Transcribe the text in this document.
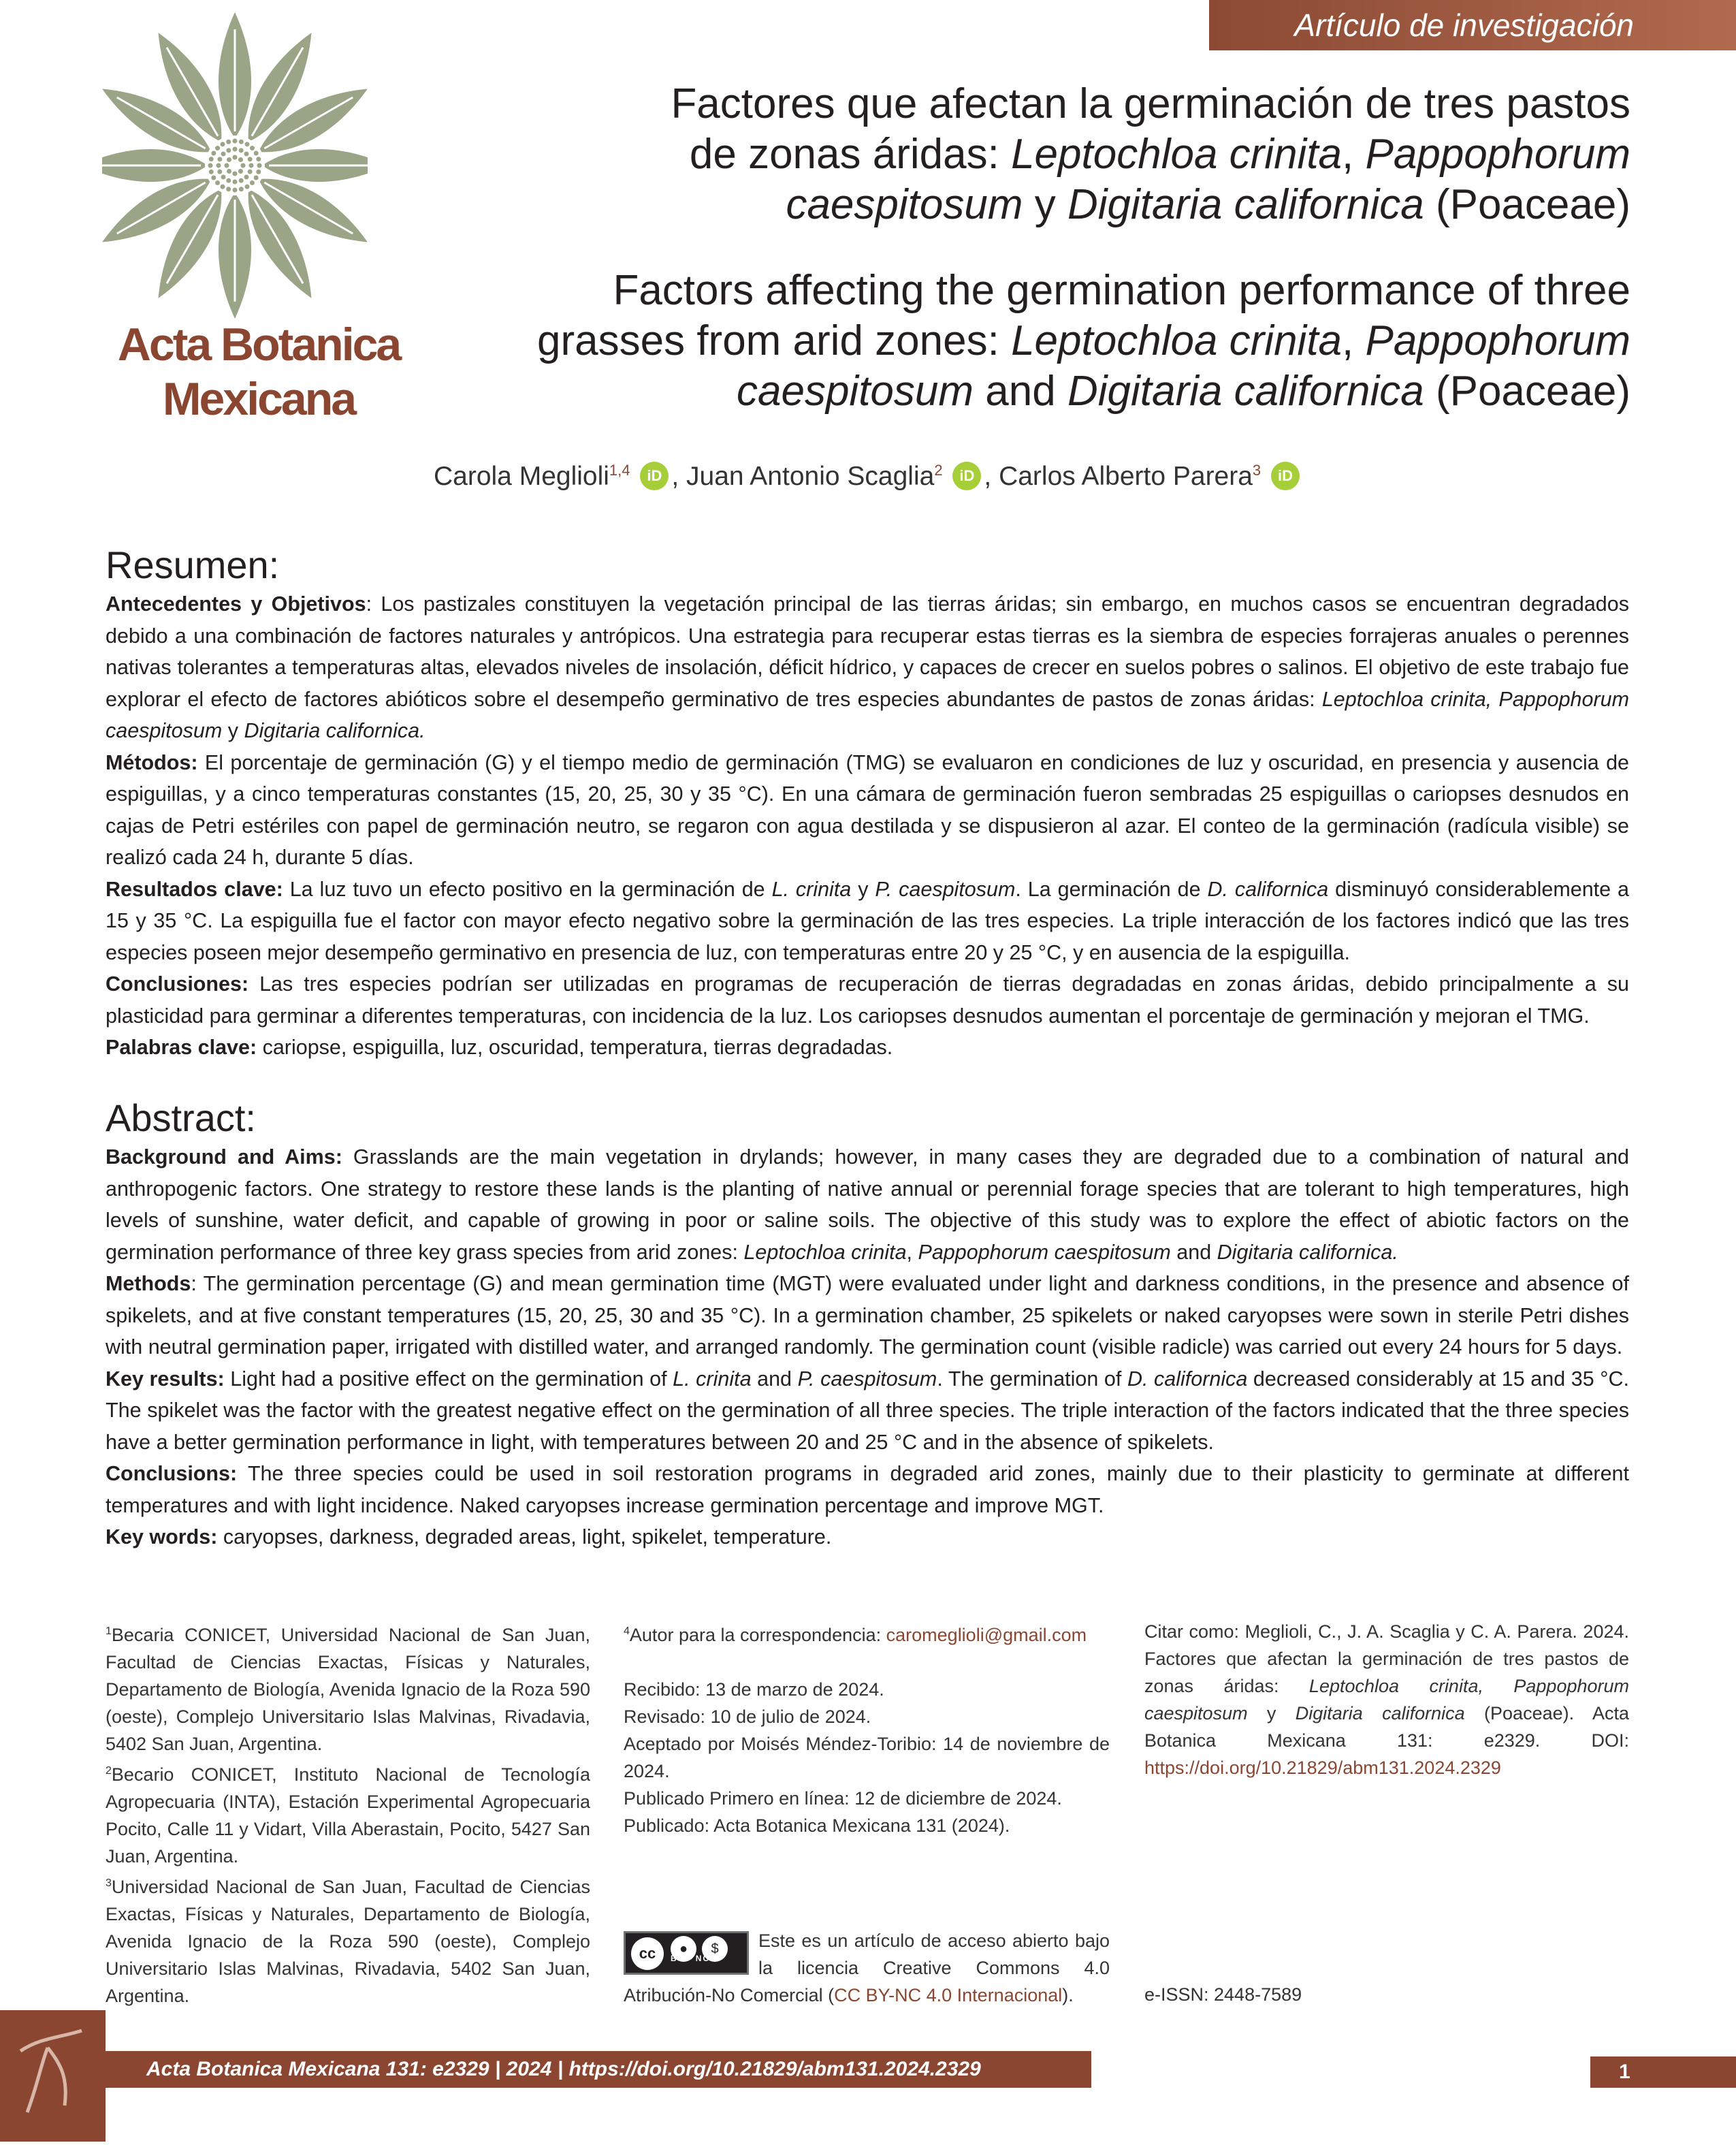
Artículo de investigación
Acta Botanica
Mexicana
Factores que afectan la germinación de tres pastos
de zonas áridas: Leptochloa crinita, Pappophorum
caespitosum y Digitaria californica (Poaceae)
Factors affecting the germination performance of three
grasses from arid zones: Leptochloa crinita, Pappophorum
caespitosum and Digitaria californica (Poaceae)
Carola Meglioli$^{1,4}$ iD , Juan Antonio Scaglia$^2$ iD , Carlos Alberto Parera$^3$ iD
Resumen:

Antecedentes y Objetivos: Los pastizales constituyen la vegetación principal de las tierras áridas; sin embargo, en muchos casos se encuentran degradados debido a una combinación de factores naturales y antrópicos. Una estrategia para recuperar estas tierras es la siembra de especies forrajeras anuales o perennes nativas tolerantes a temperaturas altas, elevados niveles de insolación, déficit hídrico, y capaces de crecer en suelos pobres o salinos. El objetivo de este trabajo fue explorar el efecto de factores abióticos sobre el desempeño germinativo de tres especies abundantes de pastos de zonas áridas: Leptochloa crinita, Pappophorum caespitosum y Digitaria californica.

Métodos: El porcentaje de germinación (G) y el tiempo medio de germinación (TMG) se evaluaron en condiciones de luz y oscuridad, en presencia y ausencia de espiguillas, y a cinco temperaturas constantes (15, 20, 25, 30 y 35 °C). En una cámara de germinación fueron sembradas 25 espiguillas o cariopses desnudos en cajas de Petri estériles con papel de germinación neutro, se regaron con agua destilada y se dispusieron al azar. El conteo de la germinación (radícula visible) se realizó cada 24 h, durante 5 días.

Resultados clave: La luz tuvo un efecto positivo en la germinación de L. crinita y P. caespitosum. La germinación de D. californica disminuyó considerablemente a 15 y 35 °C. La espiguilla fue el factor con mayor efecto negativo sobre la germinación de las tres especies. La triple interacción de los factores indicó que las tres especies poseen mejor desempeño germinativo en presencia de luz, con temperaturas entre 20 y 25 °C, y en ausencia de la espiguilla.

Conclusiones: Las tres especies podrían ser utilizadas en programas de recuperación de tierras degradadas en zonas áridas, debido principalmente a su plasticidad para germinar a diferentes temperaturas, con incidencia de la luz. Los cariopses desnudos aumentan el porcentaje de germinación y mejoran el TMG.

Palabras clave: cariopse, espiguilla, luz, oscuridad, temperatura, tierras degradadas.

Abstract:

Background and Aims: Grasslands are the main vegetation in drylands; however, in many cases they are degraded due to a combination of natural and anthropogenic factors. One strategy to restore these lands is the planting of native annual or perennial forage species that are tolerant to high temperatures, high levels of sunshine, water deficit, and capable of growing in poor or saline soils. The objective of this study was to explore the effect of abiotic factors on the germination performance of three key grass species from arid zones: Leptochloa crinita, Pappophorum caespitosum and Digitaria californica.

Methods: The germination percentage (G) and mean germination time (MGT) were evaluated under light and darkness conditions, in the presence and absence of spikelets, and at five constant temperatures (15, 20, 25, 30 and 35 °C). In a germination chamber, 25 spikelets or naked caryopses were sown in sterile Petri dishes with neutral germination paper, irrigated with distilled water, and arranged randomly. The germination count (visible radicle) was carried out every 24 hours for 5 days.

Key results: Light had a positive effect on the germination of L. crinita and P. caespitosum. The germination of D. californica decreased considerably at 15 and 35 °C. The spikelet was the factor with the greatest negative effect on the germination of all three species. The triple interaction of the factors indicated that the three species have a better germination performance in light, with temperatures between 20 and 25 °C and in the absence of spikelets.

Conclusions: The three species could be used in soil restoration programs in degraded arid zones, mainly due to their plasticity to germinate at different temperatures and with light incidence. Naked caryopses increase germination percentage and improve MGT.

Key words: caryopses, darkness, degraded areas, light, spikelet, temperature.

$^1$Becaria CONICET, Universidad Nacional de San Juan, Facultad de Ciencias Exactas, Físicas y Naturales, Departamento de Biología, Avenida Ignacio de la Roza 590 (oeste), Complejo Universitario Islas Malvinas, Rivadavia, 5402 San Juan, Argentina.

$^2$Becario CONICET, Instituto Nacional de Tecnología Agropecuaria (INTA), Estación Experimental Agropecuaria Pocito, Calle 11 y Vidart, Villa Aberastain, Pocito, 5427 San Juan, Argentina.

$^3$Universidad Nacional de San Juan, Facultad de Ciencias Exactas, Físicas y Naturales, Departamento de Biología, Avenida Ignacio de la Roza 590 (oeste), Complejo Universitario Islas Malvinas, Rivadavia, 5402 San Juan, Argentina.

$^4$Autor para la correspondencia: caromeglioli@gmail.com

Recibido: 13 de marzo de 2024.

Revisado: 10 de julio de 2024.

Aceptado por Moisés Méndez-Toribio: 14 de noviembre de 2024.

Publicado Primero en línea: 12 de diciembre de 2024.

Publicado: Acta Botanica Mexicana 131 (2024).

cc	●	$
BY NC
Este es un artículo de acceso abierto bajo la licencia Creative Commons 4.0 Atribución-No Comercial (CC BY-NC 4.0 Internacional).

Citar como: Meglioli, C., J. A. Scaglia y C. A. Parera. 2024. Factores que afectan la germinación de tres pastos de zonas áridas: Leptochloa crinita, Pappophorum caespitosum y Digitaria californica (Poaceae). Acta Botanica Mexicana 131: e2329. DOI: https://doi.org/10.21829/abm131.2024.2329

e-ISSN: 2448-7589
Acta Botanica Mexicana 131: e2329 | 2024 | https://doi.org/10.21829/abm131.2024.2329	1
